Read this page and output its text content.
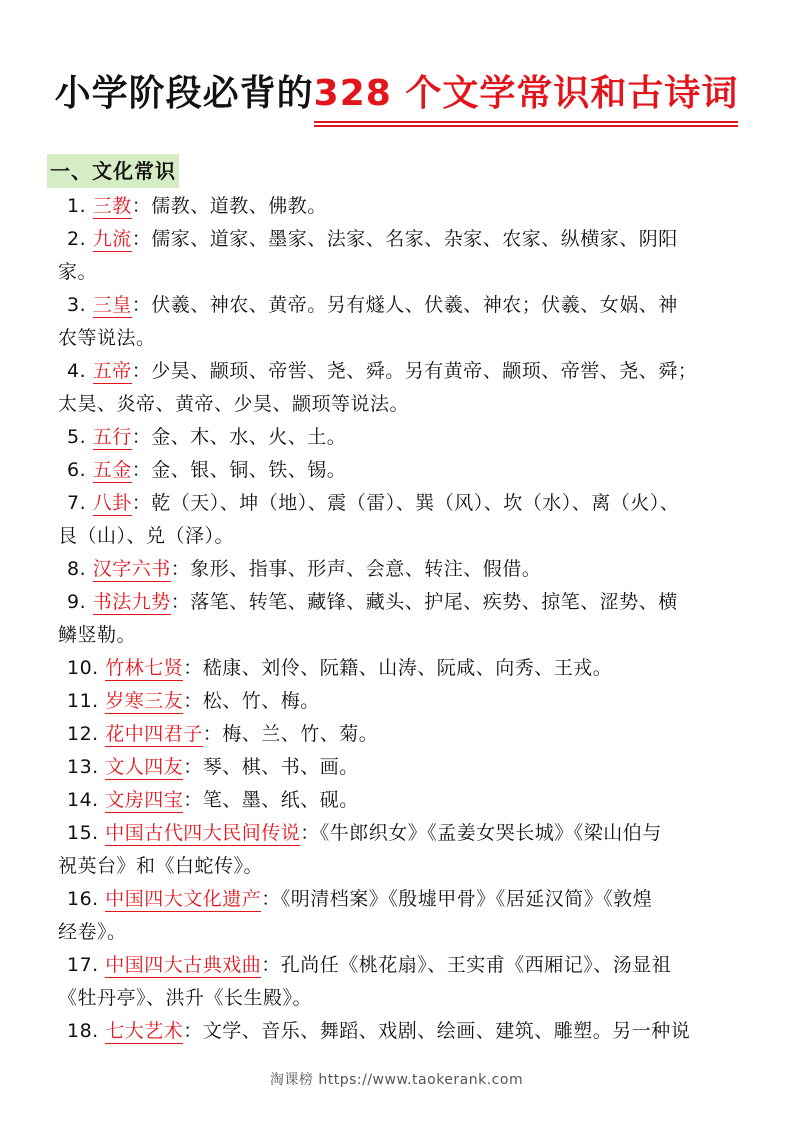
小学阶段必背的328 个文学常识和古诗词
一、文化常识

1. 三教：儒教、道教、佛教。

2. 九流：儒家、道家、墨家、法家、名家、杂家、农家、纵横家、阴阳
家。

3. 三皇：伏羲、神农、黄帝。另有燧人、伏羲、神农；伏羲、女娲、神
农等说法。

4. 五帝：少昊、颛顼、帝喾、尧、舜。另有黄帝、颛顼、帝喾、尧、舜；
太昊、炎帝、黄帝、少昊、颛顼等说法。

5. 五行：金、木、水、火、土。

6. 五金：金、银、铜、铁、锡。

7. 八卦：乾（天）、坤（地）、震（雷）、巽（风）、坎（水）、离（火）、
艮（山）、兑（泽）。

8. 汉字六书：象形、指事、形声、会意、转注、假借。

9. 书法九势：落笔、转笔、藏锋、藏头、护尾、疾势、掠笔、涩势、横
鳞竖勒。

10. 竹林七贤：嵇康、刘伶、阮籍、山涛、阮咸、向秀、王戎。

11. 岁寒三友：松、竹、梅。

12. 花中四君子：梅、兰、竹、菊。

13. 文人四友：琴、棋、书、画。

14. 文房四宝：笔、墨、纸、砚。

15. 中国古代四大民间传说：《牛郎织女》《孟姜女哭长城》《梁山伯与
祝英台》和《白蛇传》。

16. 中国四大文化遗产：《明清档案》《殷墟甲骨》《居延汉简》《敦煌
经卷》。

17. 中国四大古典戏曲：孔尚任《桃花扇》、王实甫《西厢记》、汤显祖
《牡丹亭》、洪升《长生殿》。

18. 七大艺术：文学、音乐、舞蹈、戏剧、绘画、建筑、雕塑。另一种说

淘课榜 https://www.taokerank.com
